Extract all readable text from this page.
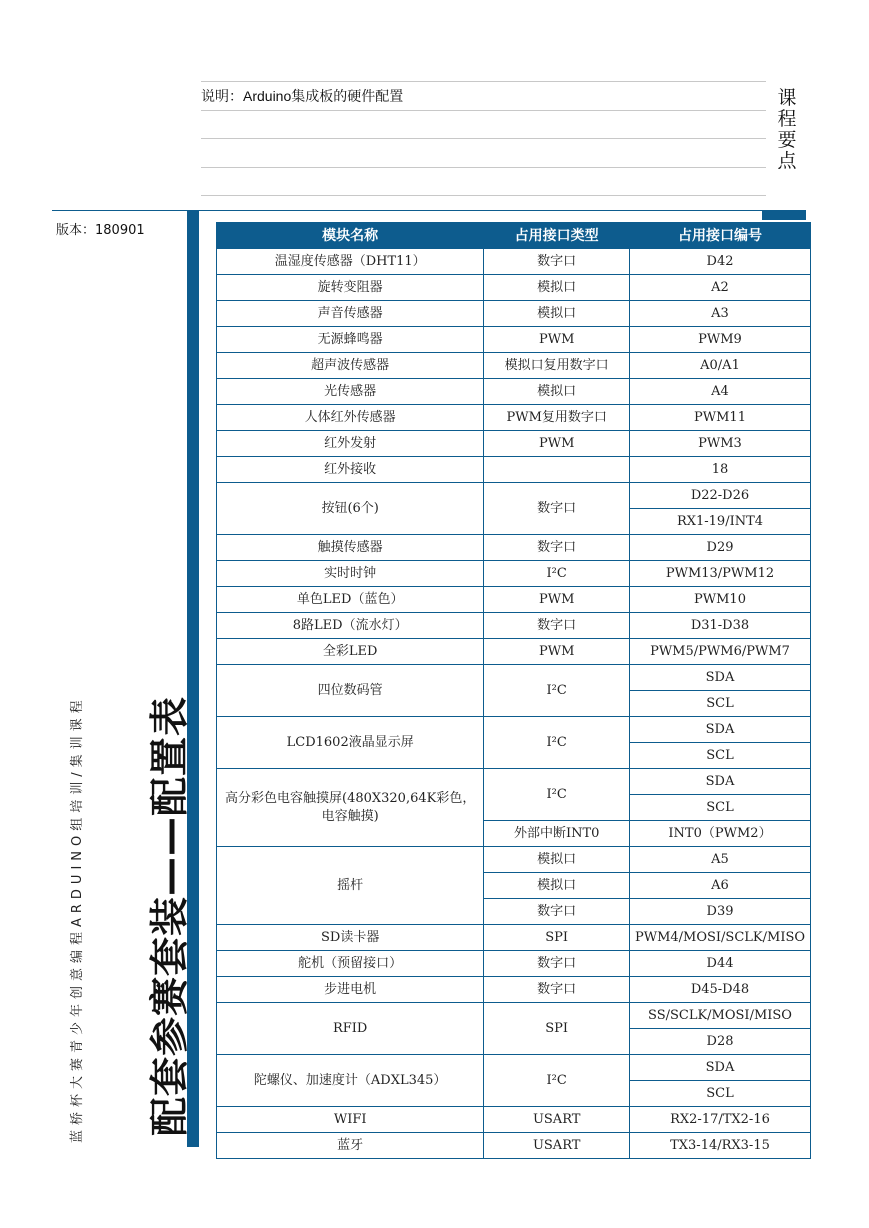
说明：Arduino集成板的硬件配置	课程要点
版本：180901
配套参赛套装——配置表
蓝桥杯大赛青少年创意编程ARDUINO组培训/集训课程
模块名称	占用接口类型	占用接口编号
温湿度传感器（DHT11）	数字口	D42
旋转变阻器	模拟口	A2
声音传感器	模拟口	A3
无源蜂鸣器	PWM	PWM9
超声波传感器	模拟口复用数字口	A0/A1
光传感器	模拟口	A4
人体红外传感器	PWM复用数字口	PWM11
红外发射	PWM	PWM3
红外接收		18
按钮(6个)	数字口	D22-D26
		RX1-19/INT4
触摸传感器	数字口	D29
实时时钟	I²C	PWM13/PWM12
单色LED（蓝色）	PWM	PWM10
8路LED（流水灯）	数字口	D31-D38
全彩LED	PWM	PWM5/PWM6/PWM7
四位数码管	I²C	SDA
		SCL
LCD1602液晶显示屏	I²C	SDA
		SCL
高分彩色电容触摸屏(480X320,64K彩色，电容触摸)	I²C	SDA
		SCL
	外部中断INT0	INT0（PWM2）
摇杆	模拟口	A5
	模拟口	A6
	数字口	D39
SD读卡器	SPI	PWM4/MOSI/SCLK/MISO
舵机（预留接口）	数字口	D44
步进电机	数字口	D45-D48
RFID	SPI	SS/SCLK/MOSI/MISO
		D28
陀螺仪、加速度计（ADXL345）	I²C	SDA
		SCL
WIFI	USART	RX2-17/TX2-16
蓝牙	USART	TX3-14/RX3-15
